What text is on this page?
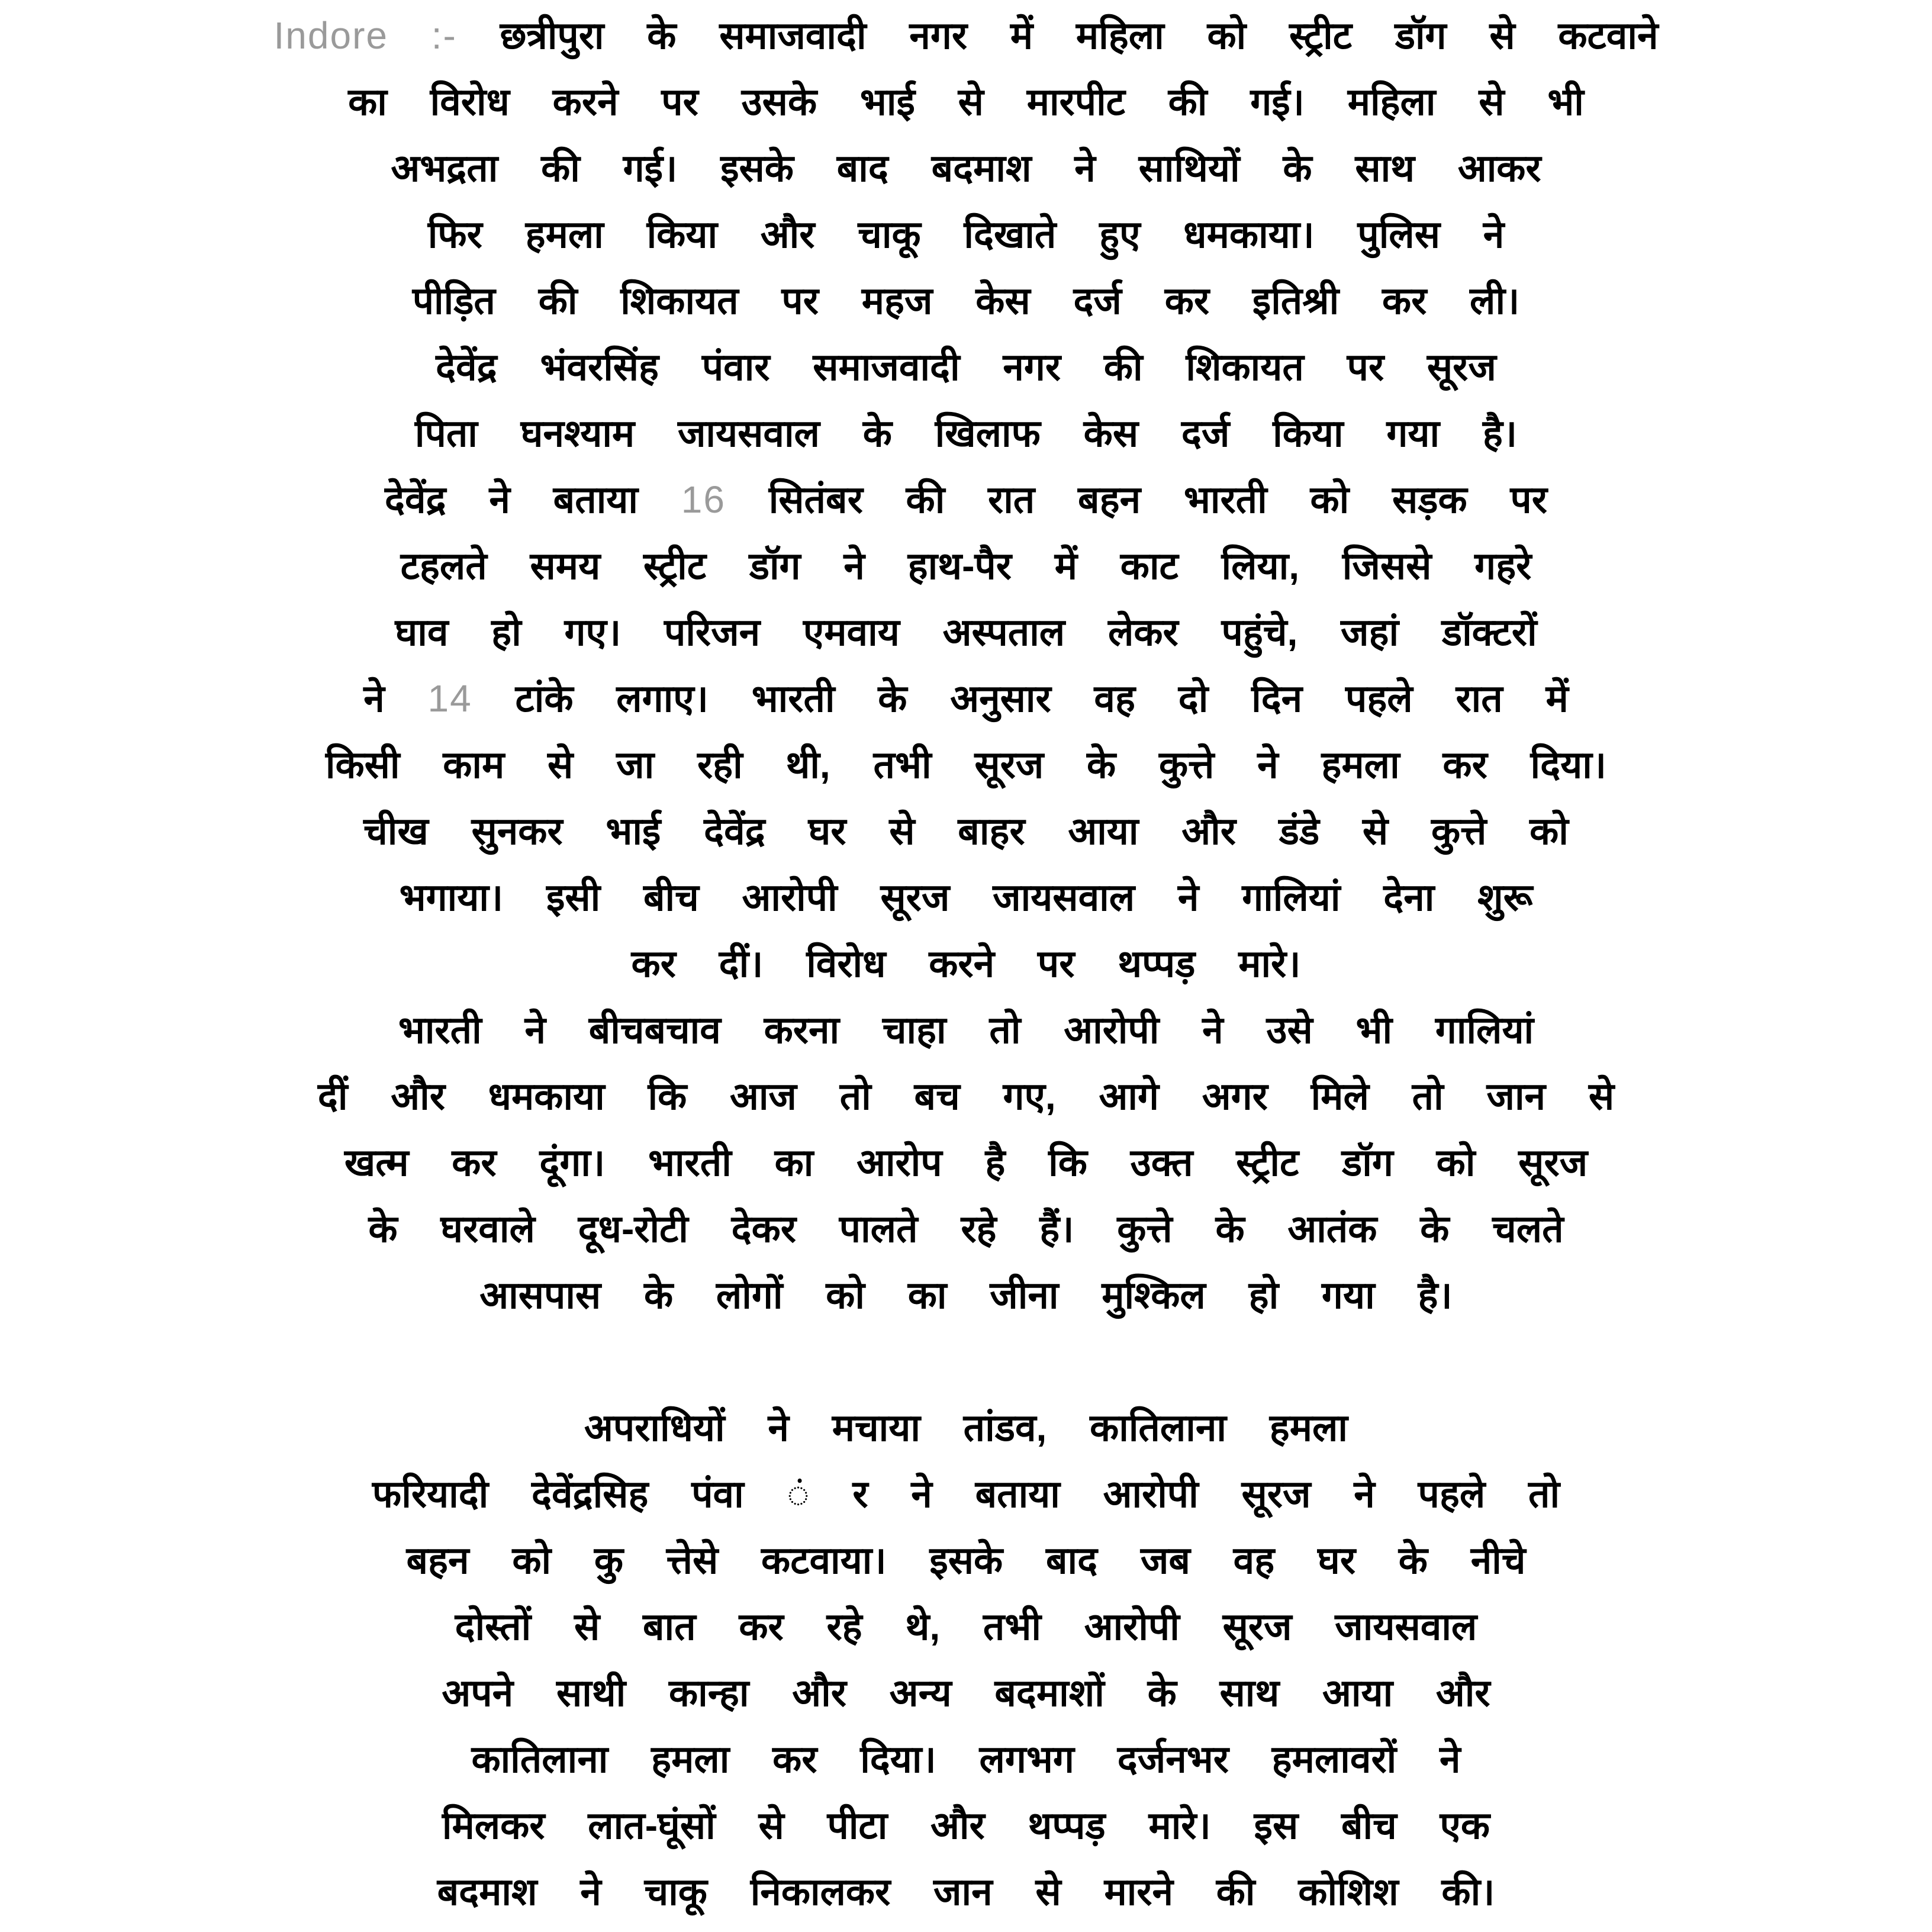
Indore :- छत्रीपुरा के समाजवादी नगर में महिला को स्ट्रीट डॉग से कटवाने
का विरोध करने पर उसके भाई से मारपीट की गई। महिला से भी
अभद्रता की गई। इसके बाद बदमाश ने साथियों के साथ आकर
फिर हमला किया और चाकू दिखाते हुए धमकाया। पुलिस ने
पीड़ित की शिकायत पर महज केस दर्ज कर इतिश्री कर ली।
देवेंद्र भंवरसिंह पंवार समाजवादी नगर की शिकायत पर सूरज
पिता घनश्याम जायसवाल के खिलाफ केस दर्ज किया गया है।
देवेंद्र ने बताया 16 सितंबर की रात बहन भारती को सड़क पर
टहलते समय स्ट्रीट डॉग ने हाथ-पैर में काट लिया, जिससे गहरे
घाव हो गए। परिजन एमवाय अस्पताल लेकर पहुंचे, जहां डॉक्टरों
ने 14 टांके लगाए। भारती के अनुसार वह दो दिन पहले रात में
किसी काम से जा रही थी, तभी सूरज के कुत्ते ने हमला कर दिया।
चीख सुनकर भाई देवेंद्र घर से बाहर आया और डंडे से कुत्ते को
भगाया। इसी बीच आरोपी सूरज जायसवाल ने गालियां देना शुरू
कर दीं। विरोध करने पर थप्पड़ मारे।
भारती ने बीचबचाव करना चाहा तो आरोपी ने उसे भी गालियां
दीं और धमकाया कि आज तो बच गए, आगे अगर मिले तो जान से
खत्म कर दूंगा। भारती का आरोप है कि उक्त स्ट्रीट डॉग को सूरज
के घरवाले दूध-रोटी देकर पालते रहे हैं। कुत्ते के आतंक के चलते
आसपास के लोगों को का जीना मुश्किल हो गया है।
अपराधियों ने मचाया तांडव, कातिलाना हमला
फरियादी देवेंद्रसिह पंवा ं र ने बताया आरोपी सूरज ने पहले तो
बहन को कु त्तेसे कटवाया। इसके बाद जब वह घर के नीचे
दोस्तों से बात कर रहे थे, तभी आरोपी सूरज जायसवाल
अपने साथी कान्हा और अन्य बदमाशों के साथ आया और
कातिलाना हमला कर दिया। लगभग दर्जनभर हमलावरों ने
मिलकर लात-घूंसों से पीटा और थप्पड़ मारे। इस बीच एक
बदमाश ने चाकू निकालकर जान से मारने की कोशिश की।
